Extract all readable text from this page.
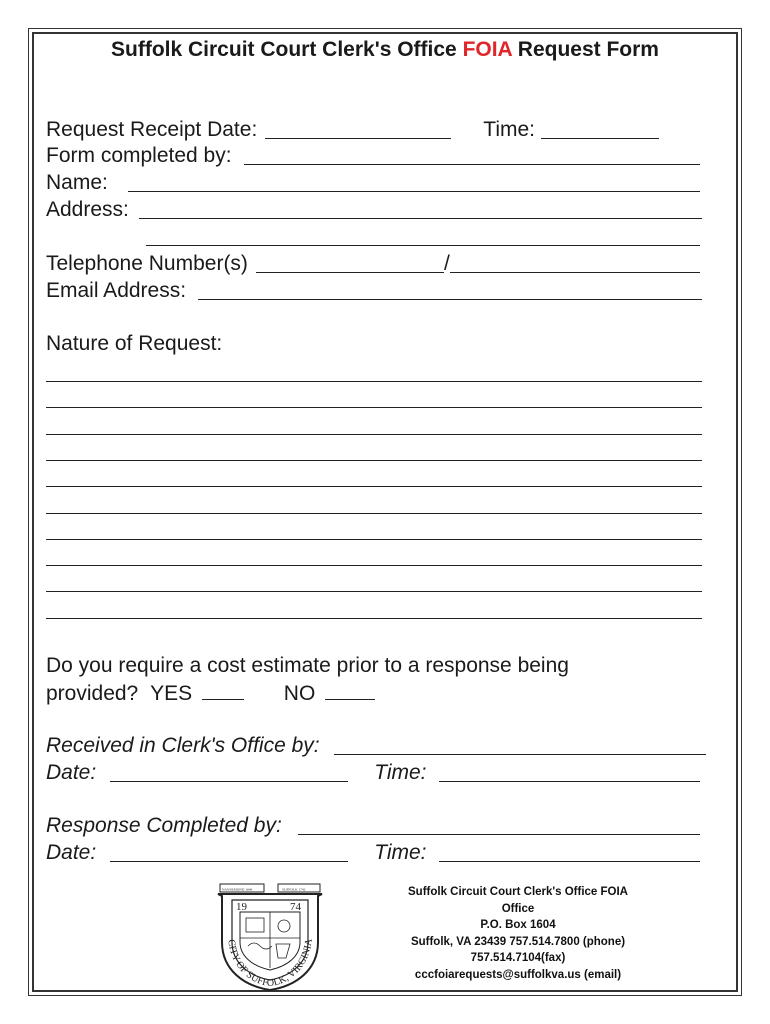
Suffolk Circuit Court Clerk's Office FOIA Request Form
Request Receipt Date:	Time:
Form completed by:
Name:
Address:
Telephone Number(s)	/
Email Address:
Nature of Request:
Do you require a cost estimate prior to a response being
provided? YES	NO
Received in Clerk's Office by:
Date:	Time:
Response Completed by:
Date:	Time:
NANSEMOND 1646	SUFFOLK 1742
19	74
CITY OF SUFFOLK, VIRGINIA
Suffolk Circuit Court Clerk's Office FOIA
Office
P.O. Box 1604
Suffolk, VA 23439 757.514.7800 (phone)
757.514.7104(fax)
cccfoiarequests@suffolkva.us (email)
